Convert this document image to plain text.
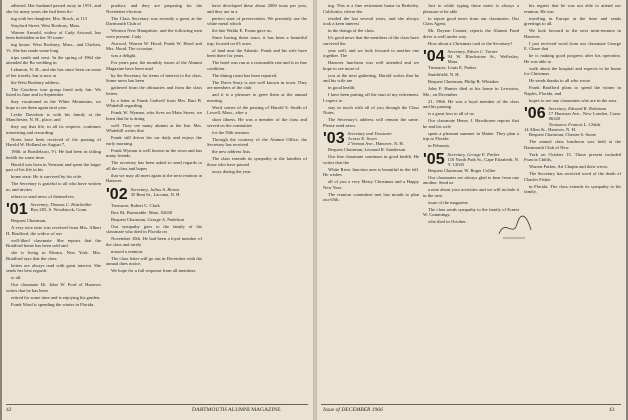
adhered. Her husband passed away in 1951, and she for many years she had been liv-

ing with her daughter, Mrs. Brock, at 113

Stuyford Street, West Roxbury, Mass.

Warren Armold, widow of Cady Atwood, has been bedridden in her 50 room-

ing house. West Roxbury, Mass., and Chelsea, Vt. She has made some long

trips south and west. In the spring of 1964 she attended the Bo wedding in

Lebanon, N. H., and she has since been on some of her travels, but is now at

the West Roxbury address.

The Goodrow tour group fared only fair. We listed in June and in September

they vacationed in the White Mountains, we hope to see them again next year.

Leslie Davidson is with his family at the Manchester, N. H., place, and

they say that life, in all its respects, continues interesting and rewarding.

Notes have been received of the passing of Harold W. Holland on August 7,

1966, at Brattleboro, Vt. He had been in failing health for some time.

Harold was born in Vermont and spent the larger part of his life in his

home state. He is survived by his wife.

The Secretary is grateful to all who have written in, and invites

others to send news of themselves.

'01 Secretary, Thomas C. Hatchelder
Box 205, S. Woodstock, Conn.

Bequest Chairman,

A very nice note was received from Mrs. Albert H. Bradford, the widow of our

well-liked classmate. She reports that the Bradford home has been sold and

she is living in Elmira, New York. Mrs. Bradford says that the class

letters are always read with great interest. She sends her best regards

to all.

Our classmate Dr. John W. Ford of Hanover writes that he has been

retired for some time and is enjoying his garden.

Frank Ward is spending the winter in Florida.

product, and they are preparing for the November election.

The Class Secretary was recently a guest at the Dartmouth Club of

Western New Hampshire, and the following men were present: Cady

Atwood, Warren W. Hood, Frank W. Hood and Mrs. Hood. The occasion

was a delight.

For years past, the monthly issues of the Alumni Magazine have been read

by the Secretary for items of interest to the class. Some news has been

gathered from the obituaries and from the class letters.

In a letter to Frank Cadwell from Mrs. Burt B. Whitehill regarding

Frank W. Wyman, who lives on Main Street, we learn that he is doing

well. They see many alumni at the Inn. Mrs. Whitehill writes that

Frank still drives his car daily and enjoys the early morning.

Frank Wyman is well known in the town and has many friends.

The secretary has been asked to send regards to all the class and hopes

that we may all meet again at the next reunion in Hanover.

'02 Secretary, Julius A. Brown
35 Bent St., Laconia, N. H.

Treasurer, Robert C. Clark

Box 84, Barnstable, Mass. 02630

Bequest Chairman, George A. Pudelson

Our sympathy goes to the family of the classmate who died in Florida on

November 10th. He had been a loyal member of the class and rarely

missed a reunion.

The class letter will go out in December with the annual dues notice.

We hope for a full response from all members.

have developed these about 2000 tours per year, and they are in a

perfect state of preservation. We presently use the white metal which

the late Waldo E. Evans gave us.

Since having these tours, it has been a beautiful trip; located on 63 acres

of land near the Atlantic. Frank and his wife have been there for years.

The hotel was run at a reasonable rate and is in fine condition.

The dining room has been repaired.

The Davis Story is one well known in town. They are members of the club

and it is a pleasure to greet them at the annual meeting.

Word comes of the passing of Harold S. Smith of Lowell, Mass., after a

short illness. He was a member of the class and served on the committee

for the 50th reunion.

Through the courtesy of the Alumni Office, the Secretary has received

the new address lists.

The class extends its sympathy to the families of those who have passed

away during the year.

42	DARTMOUTH ALUMNI MAGAZINE

ing. This is a fine retirement home in Berkeley, California, where she

resided the last several years, and she always took a keen interest

in the doings of the class.

It's good news that the members of the class have survived the

year well, and we look forward to another one together. The

Hanover luncheon was well attended and we hope to see more of

you at the next gathering. Harold writes that he and his wife are

in good health.

I have been putting off the start of my retirement. I expect to

stay in touch with all of you through the Class Notes.

The Secretary's address will remain the same. Please send news.

'03 Secretary and Treasurer
Albert E. Smith
2 Vernon Ave., Hanover, N. H.

Bequest Chairman, Leonard R. Sanderson

Our fine classmate continues in good health. He writes that the

White River Junction area is beautiful in the fall. He wishes

all of you a very Merry Christmas and a Happy New Year.

The reunion committee met last month to plan our 65th.

Just to while typing these notes is always a pleasure to be able

to report good news from our classmates. Our Class Agent,

Mr. Dayton Cramer, reports the Alumni Fund drive is well under way.

How about a Christmas card to the Secretary?

'04 Secretary, Edwin C. Turner
94 W. Blackstone St., Wellesley, Mass.

Treasurer, Louis E. Parker

Smithfield, N. H.

Bequest Chairman, Philip B. Whitaker

John F. Hunter died at his home in Lewiston, Me., on December

21, 1966. He was a loyal member of the class and his passing

is a great loss to all of us.

Our classmate Henry J. Hawthorne reports that he and his wife

spent a pleasant summer in Maine. They plan a trip to Florida

in February.

'05 Secretary, George E. Parker
110 North Park St., Cape Elizabeth, N. Y. 13045

Bequest Chairman, W. Roger Collier

Our classmates are always glad to hear from one another. Send us

a note about your activities and we will include it in the next

issue of the magazine.

The class sends sympathy to the family of Ernest W. Cummings,

who died in October.

his regrets that he was not able to attend our reunion. He was

traveling in Europe at the time and sends greetings to all.

We look forward to the next mini-reunion in Hanover.

I just received word from our classmate George E. Chase that

he is making good progress after his operation. He was able to

walk about the hospital and expects to be home for Christmas.

He sends thanks to all who wrote.

Frank Bradford plans to spend the winter in Naples, Florida, and

hopes to see any classmates who are in the area.

'06 Secretary, Edward K. Robinson
17 Harrison Ave., New London, Conn. 06320
Treasurer, Francis L. Childs
14 Allen St., Hanover, N. H.

Bequest Chairman, Chester S. Stone

The annual class luncheon was held at the Dartmouth Club of New

York on October 15. Those present included Francis Childs,

Warren Parker, Art Chapin and their wives.

The Secretary has received word of the death of Charles Fisher

in Florida. The class extends its sympathy to his family.

Issue of DECEMBER 1966	43
